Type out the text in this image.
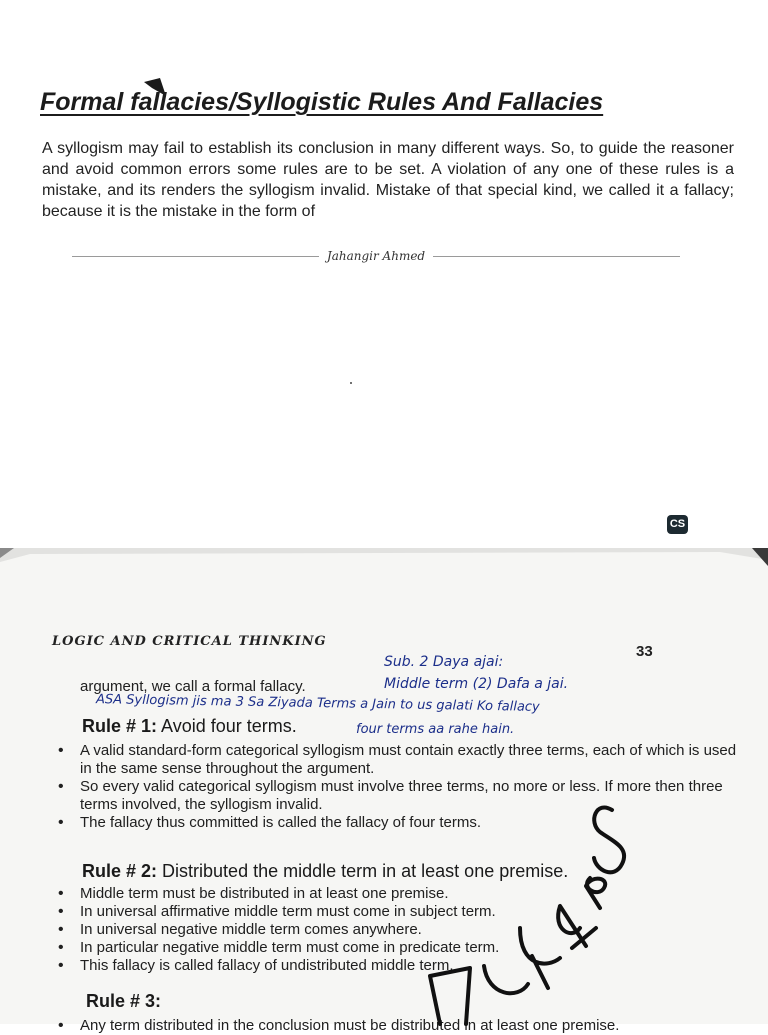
Formal fallacies/Syllogistic Rules And Fallacies
A syllogism may fail to establish its conclusion in many different ways. So, to guide the reasoner and avoid common errors some rules are to be set. A violation of any one of these rules is a mistake, and its renders the syllogism invalid. Mistake of that special kind, we called it a fallacy; because it is the mistake in the form of
Jahangir Ahmed
CS
LOGIC AND CRITICAL THINKING
33
Sub. 2 Daya ajai:
Middle term (2) Dafa a jai.
argument, we call a formal fallacy.
ASA Syllogism jis ma 3 Sa Ziyada Terms a Jain to us galati Ko fallacy
Rule # 1: Avoid four terms.	four terms aa rahe hain.
• A valid standard-form categorical syllogism must contain exactly three terms, each of which is used in the same sense throughout the argument.
• So every valid categorical syllogism must involve three terms, no more or less. If more then three terms involved, the syllogism invalid.
• The fallacy thus committed is called the fallacy of four terms.
Rule # 2: Distributed the middle term in at least one premise.
• Middle term must be distributed in at least one premise.
• In universal affirmative middle term must come in subject term.
• In universal negative middle term comes anywhere.
• In particular negative middle term must come in predicate term.
• This fallacy is called fallacy of undistributed middle term.
Rule # 3:
• Any term distributed in the conclusion must be distributed in at least one premise.
